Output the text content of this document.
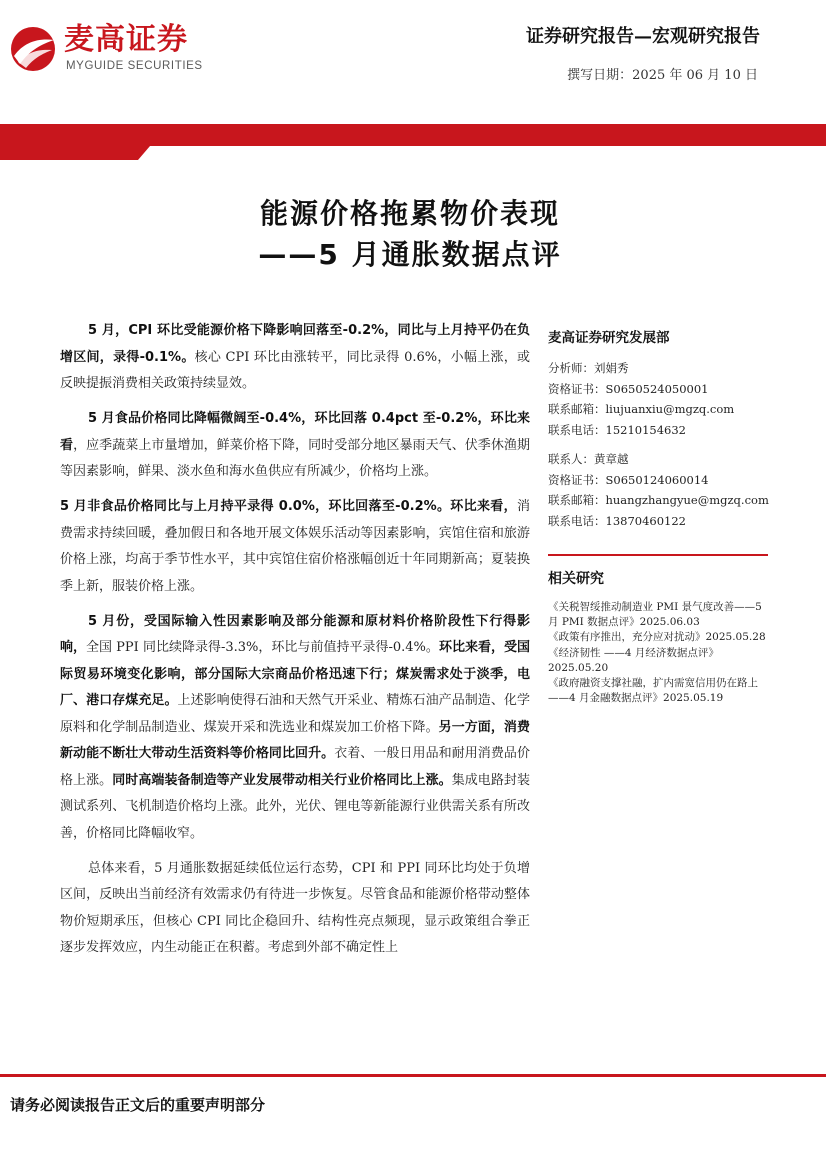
麦高证券
MYGUIDE SECURITIES
证券研究报告—宏观研究报告
撰写日期：2025 年 06 月 10 日
能源价格拖累物价表现
——5 月通胀数据点评

5 月，CPI 环比受能源价格下降影响回落至-0.2%，同比与上月持平仍在负增区间，录得-0.1%。核心 CPI 环比由涨转平，同比录得 0.6%，小幅上涨，或反映提振消费相关政策持续显效。

5 月食品价格同比降幅微阔至-0.4%，环比回落 0.4pct 至-0.2%，环比来看，应季蔬菜上市量增加，鲜菜价格下降，同时受部分地区暴雨天气、伏季休渔期等因素影响，鲜果、淡水鱼和海水鱼供应有所减少，价格均上涨。

5 月非食品价格同比与上月持平录得 0.0%，环比回落至-0.2%。环比来看，消费需求持续回暖，叠加假日和各地开展文体娱乐活动等因素影响，宾馆住宿和旅游价格上涨，均高于季节性水平，其中宾馆住宿价格涨幅创近十年同期新高；夏装换季上新，服装价格上涨。

5 月份，受国际输入性因素影响及部分能源和原材料价格阶段性下行得影响，全国 PPI 同比续降录得-3.3%，环比与前值持平录得-0.4%。环比来看，受国际贸易环境变化影响，部分国际大宗商品价格迅速下行；煤炭需求处于淡季，电厂、港口存煤充足。上述影响使得石油和天然气开采业、精炼石油产品制造、化学原料和化学制品制造业、煤炭开采和洗选业和煤炭加工价格下降。另一方面，消费新动能不断壮大带动生活资料等价格同比回升。衣着、一般日用品和耐用消费品价格上涨。同时高端装备制造等产业发展带动相关行业价格同比上涨。集成电路封装测试系列、飞机制造价格均上涨。此外，光伏、锂电等新能源行业供需关系有所改善，价格同比降幅收窄。

总体来看，5 月通胀数据延续低位运行态势，CPI 和 PPI 同环比均处于负增区间，反映出当前经济有效需求仍有待进一步恢复。尽管食品和能源价格带动整体物价短期承压，但核心 CPI 同比企稳回升、结构性亮点频现，显示政策组合拳正逐步发挥效应，内生动能正在积蓄。考虑到外部不确定性上

麦高证券研究发展部
分析师：刘娟秀
资格证书：S0650524050001
联系邮箱：liujuanxiu@mgzq.com
联系电话：15210154632
联系人：黄章越
资格证书：S0650124060014
联系邮箱：huangzhangyue@mgzq.com
联系电话：13870460122
相关研究
《关税智绥推动制造业 PMI 景气度改善——5 月 PMI 数据点评》2025.06.03
《政策有序推出，充分应对扰动》2025.05.28
《经济韧性 ——4 月经济数据点评》2025.05.20
《政府融资支撑社融，扩内需宽信用仍在路上——4 月金融数据点评》2025.05.19
请务必阅读报告正文后的重要声明部分
